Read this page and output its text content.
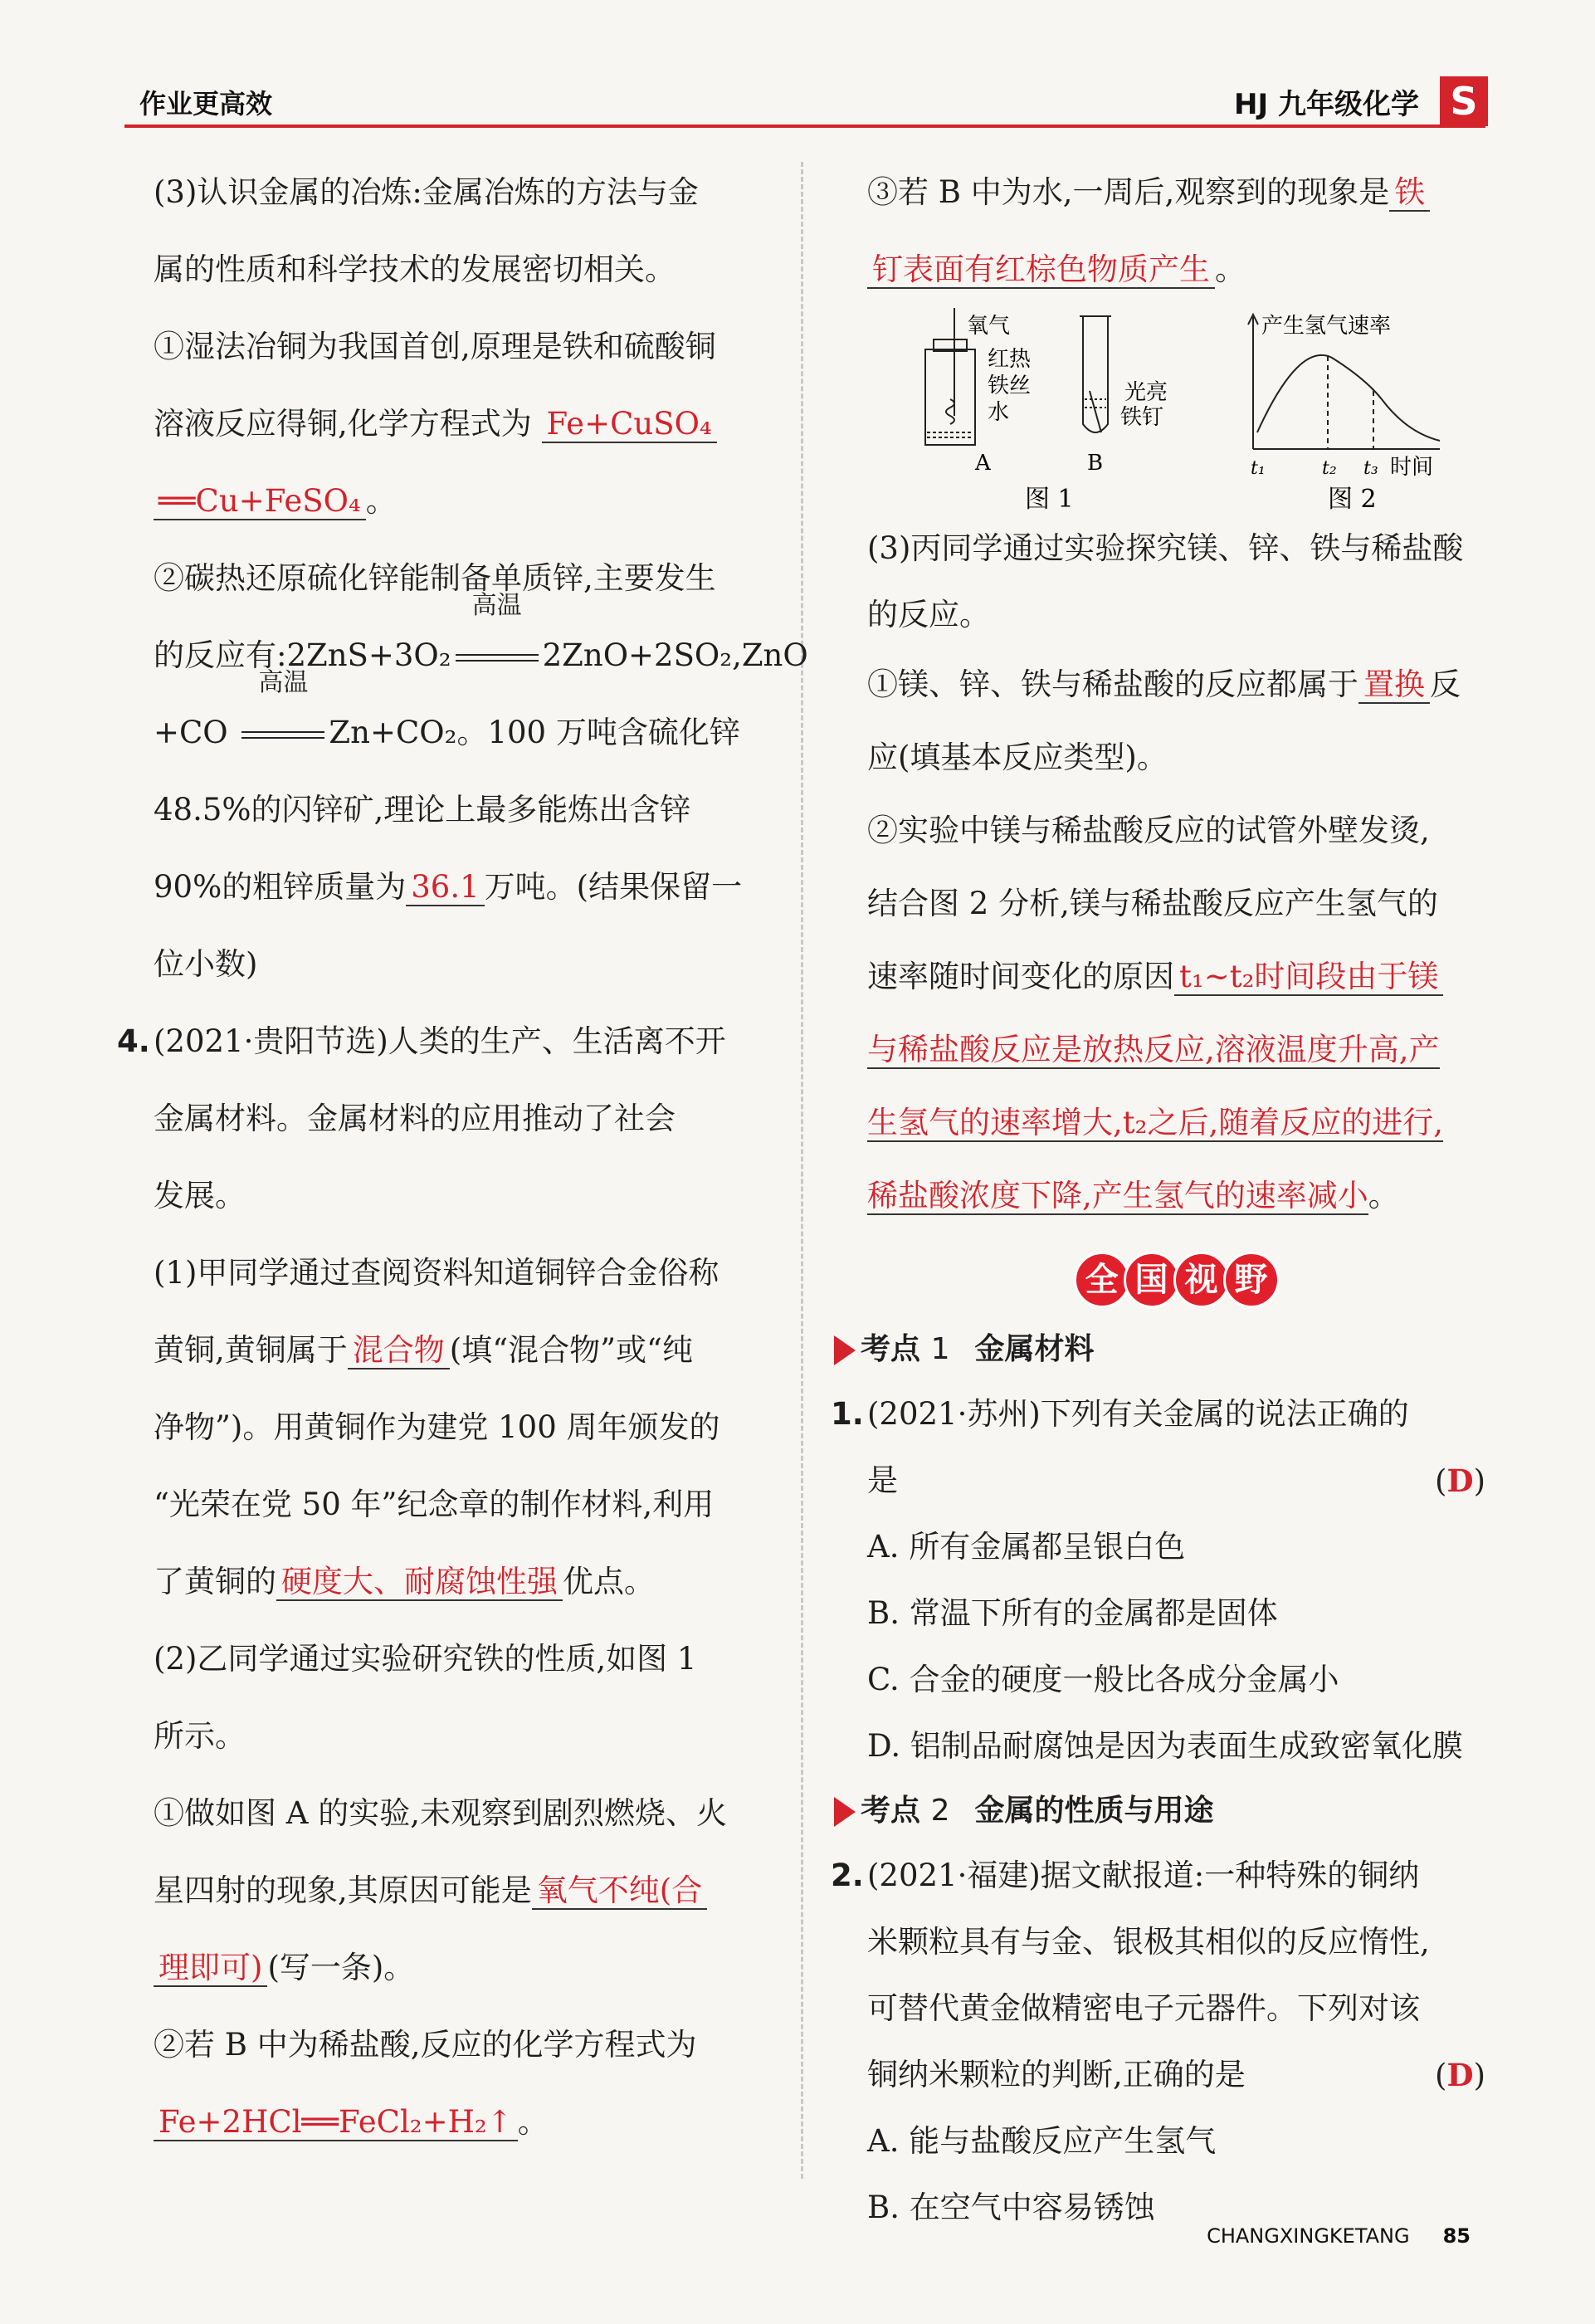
作业更高效	HJ 九年级化学 S

(3)认识金属的冶炼:金属冶炼的方法与金

属的性质和科学技术的发展密切相关。

①湿法冶铜为我国首创,原理是铁和硫酸铜

溶液反应得铜,化学方程式为 Fe+CuSO₄

══Cu+FeSO₄ 。

②碳热还原硫化锌能制备单质锌,主要发生

的反应有:2ZnS+3O₂
高温
2ZnO+2SO₂,ZnO

+CO
高温
Zn+CO₂。100 万吨含硫化锌

48.5%的闪锌矿,理论上最多能炼出含锌

90%的粗锌质量为 36.1 万吨。(结果保留一

位小数)

4. (2021·贵阳节选)人类的生产、生活离不开

金属材料。金属材料的应用推动了社会

发展。

(1)甲同学通过查阅资料知道铜锌合金俗称

黄铜,黄铜属于 混合物 (填“混合物”或“纯

净物”)。用黄铜作为建党 100 周年颁发的

“光荣在党 50 年”纪念章的制作材料,利用

了黄铜的 硬度大、耐腐蚀性强 优点。

(2)乙同学通过实验研究铁的性质,如图 1

所示。

①做如图 A 的实验,未观察到剧烈燃烧、火

星四射的现象,其原因可能是 氧气不纯(合

理即可) (写一条)。

②若 B 中为稀盐酸,反应的化学方程式为

Fe+2HCl══FeCl₂+H₂↑ 。

③若 B 中为水,一周后,观察到的现象是 铁

钉表面有红棕色物质产生 。

氧气
红热
铁丝
水
A
光亮
铁钉
B
图 1
产生氢气速率
t₁	t₂ t₃ 时间
图 2

(3)丙同学通过实验探究镁、锌、铁与稀盐酸

的反应。

①镁、锌、铁与稀盐酸的反应都属于 置换 反

应(填基本反应类型)。

②实验中镁与稀盐酸反应的试管外壁发烫,

结合图 2 分析,镁与稀盐酸反应产生氢气的

速率随时间变化的原因 t₁~t₂时间段由于镁

与稀盐酸反应是放热反应,溶液温度升高,产

生氢气的速率增大,t₂之后,随着反应的进行,

稀盐酸浓度下降,产生氢气的速率减小。

全 国 视 野

考点 1 金属材料

1. (2021·苏州)下列有关金属的说法正确的

是	(D)

A. 所有金属都呈银白色

B. 常温下所有的金属都是固体

C. 合金的硬度一般比各成分金属小

D. 铝制品耐腐蚀是因为表面生成致密氧化膜

考点 2 金属的性质与用途

2. (2021·福建)据文献报道:一种特殊的铜纳

米颗粒具有与金、银极其相似的反应惰性,

可替代黄金做精密电子元器件。下列对该

铜纳米颗粒的判断,正确的是	(D)

A. 能与盐酸反应产生氢气

B. 在空气中容易锈蚀

CHANGXINGKETANG 85
